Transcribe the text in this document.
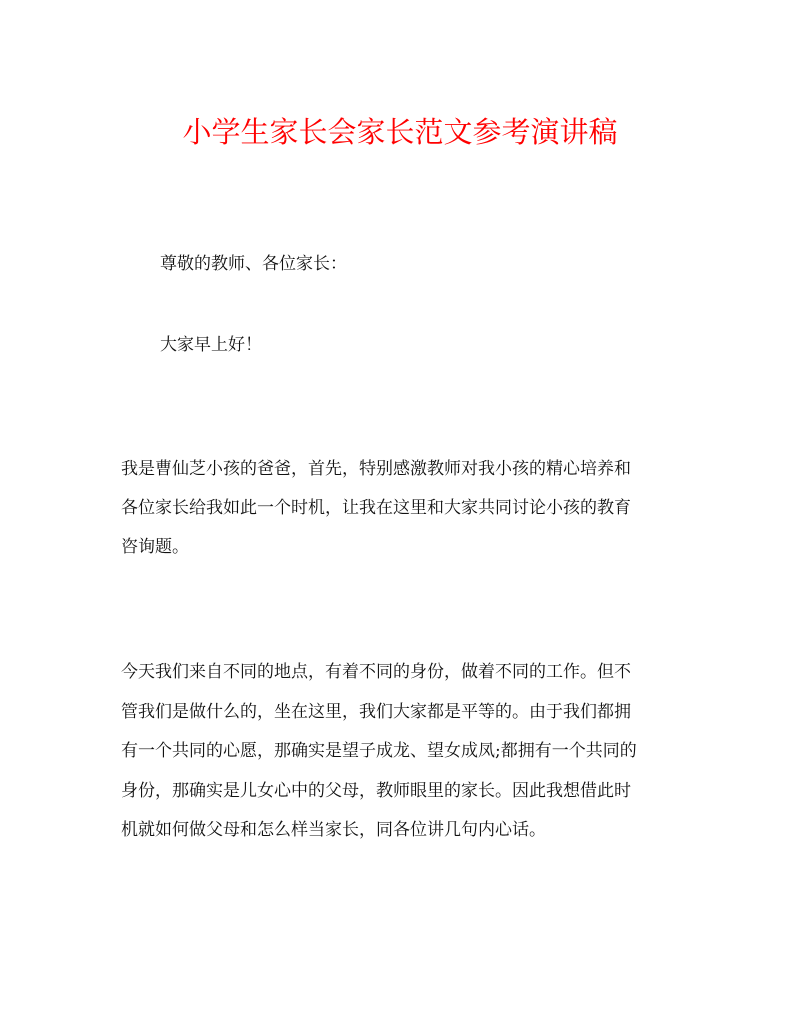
小学生家长会家长范文参考演讲稿
尊敬的教师、各位家长：
大家早上好！
我是曹仙芝小孩的爸爸，首先，特别感激教师对我小孩的精心培养和
各位家长给我如此一个时机，让我在这里和大家共同讨论小孩的教育
咨询题。
今天我们来自不同的地点，有着不同的身份，做着不同的工作。但不
管我们是做什么的，坐在这里，我们大家都是平等的。由于我们都拥
有一个共同的心愿，那确实是望子成龙、望女成凤;都拥有一个共同的
身份，那确实是儿女心中的父母，教师眼里的家长。因此我想借此时
机就如何做父母和怎么样当家长，同各位讲几句内心话。
